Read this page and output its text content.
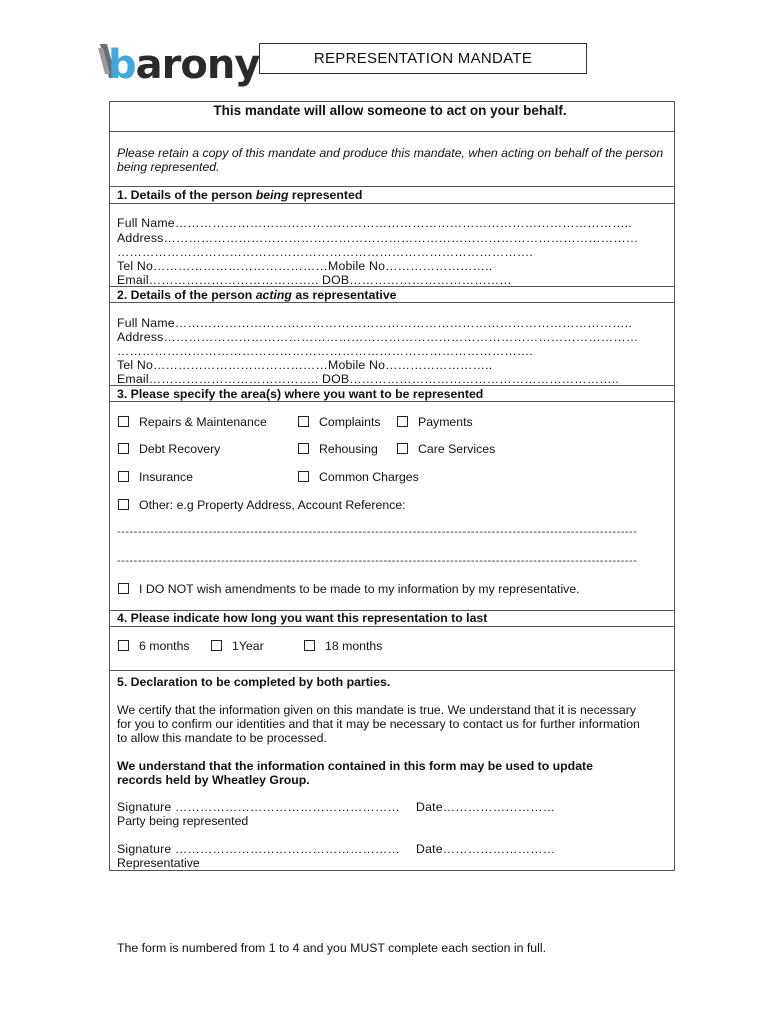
barony	REPRESENTATION MANDATE
This mandate will allow someone to act on your behalf.
Please retain a copy of this mandate and produce this mandate, when acting on behalf of the person
being represented.
1. Details of the person being represented
Full Name………………………………………………………………………………………………..
Address……………………………………………………………………………………………………
……………………………………………………………………………………….
Tel No……………………………………Mobile No……………………..
Email………………………………….. DOB…………………………………
2. Details of the person acting as representative
Full Name………………………………………………………………………………………………..
Address……………………………………………………………………………………………………
……………………………………………………………………………………….
Tel No……………………………………Mobile No……………………..
Email………………………………….. DOB………………………………………………………..
3. Please specify the area(s) where you want to be represented
Repairs & Maintenance	Complaints	Payments
Debt Recovery	Rehousing	Care Services
Insurance	Common Charges
Other: e.g Property Address, Account Reference:
-----------------------------------------------------------------------------------------------------------------------------
-----------------------------------------------------------------------------------------------------------------------------
I DO NOT wish amendments to be made to my information by my representative.
4. Please indicate how long you want this representation to last
6 months	1Year	18 months
5. Declaration to be completed by both parties.
We certify that the information given on this mandate is true. We understand that it is necessary
for you to confirm our identities and that it may be necessary to contact us for further information
to allow this mandate to be processed.
We understand that the information contained in this form may be used to update
records held by Wheatley Group.
Signature ……………………………………………… Date………………………
Party being represented
Signature ……………………………………………… Date………………………
Representative
The form is numbered from 1 to 4 and you MUST complete each section in full.
